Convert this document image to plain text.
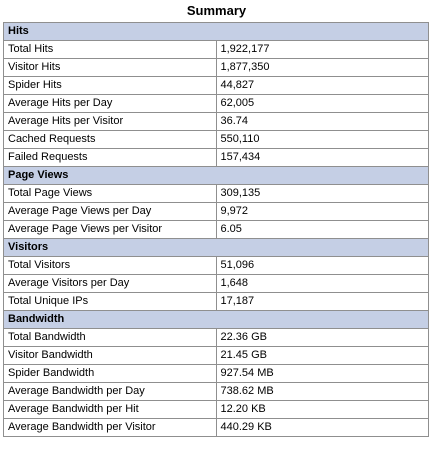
Summary
Hits	
Total Hits	1,922,177
Visitor Hits	1,877,350
Spider Hits	44,827
Average Hits per Day	62,005
Average Hits per Visitor	36.74
Cached Requests	550,110
Failed Requests	157,434
Page Views	
Total Page Views	309,135
Average Page Views per Day	9,972
Average Page Views per Visitor	6.05
Visitors	
Total Visitors	51,096
Average Visitors per Day	1,648
Total Unique IPs	17,187
Bandwidth	
Total Bandwidth	22.36 GB
Visitor Bandwidth	21.45 GB
Spider Bandwidth	927.54 MB
Average Bandwidth per Day	738.62 MB
Average Bandwidth per Hit	12.20 KB
Average Bandwidth per Visitor	440.29 KB
